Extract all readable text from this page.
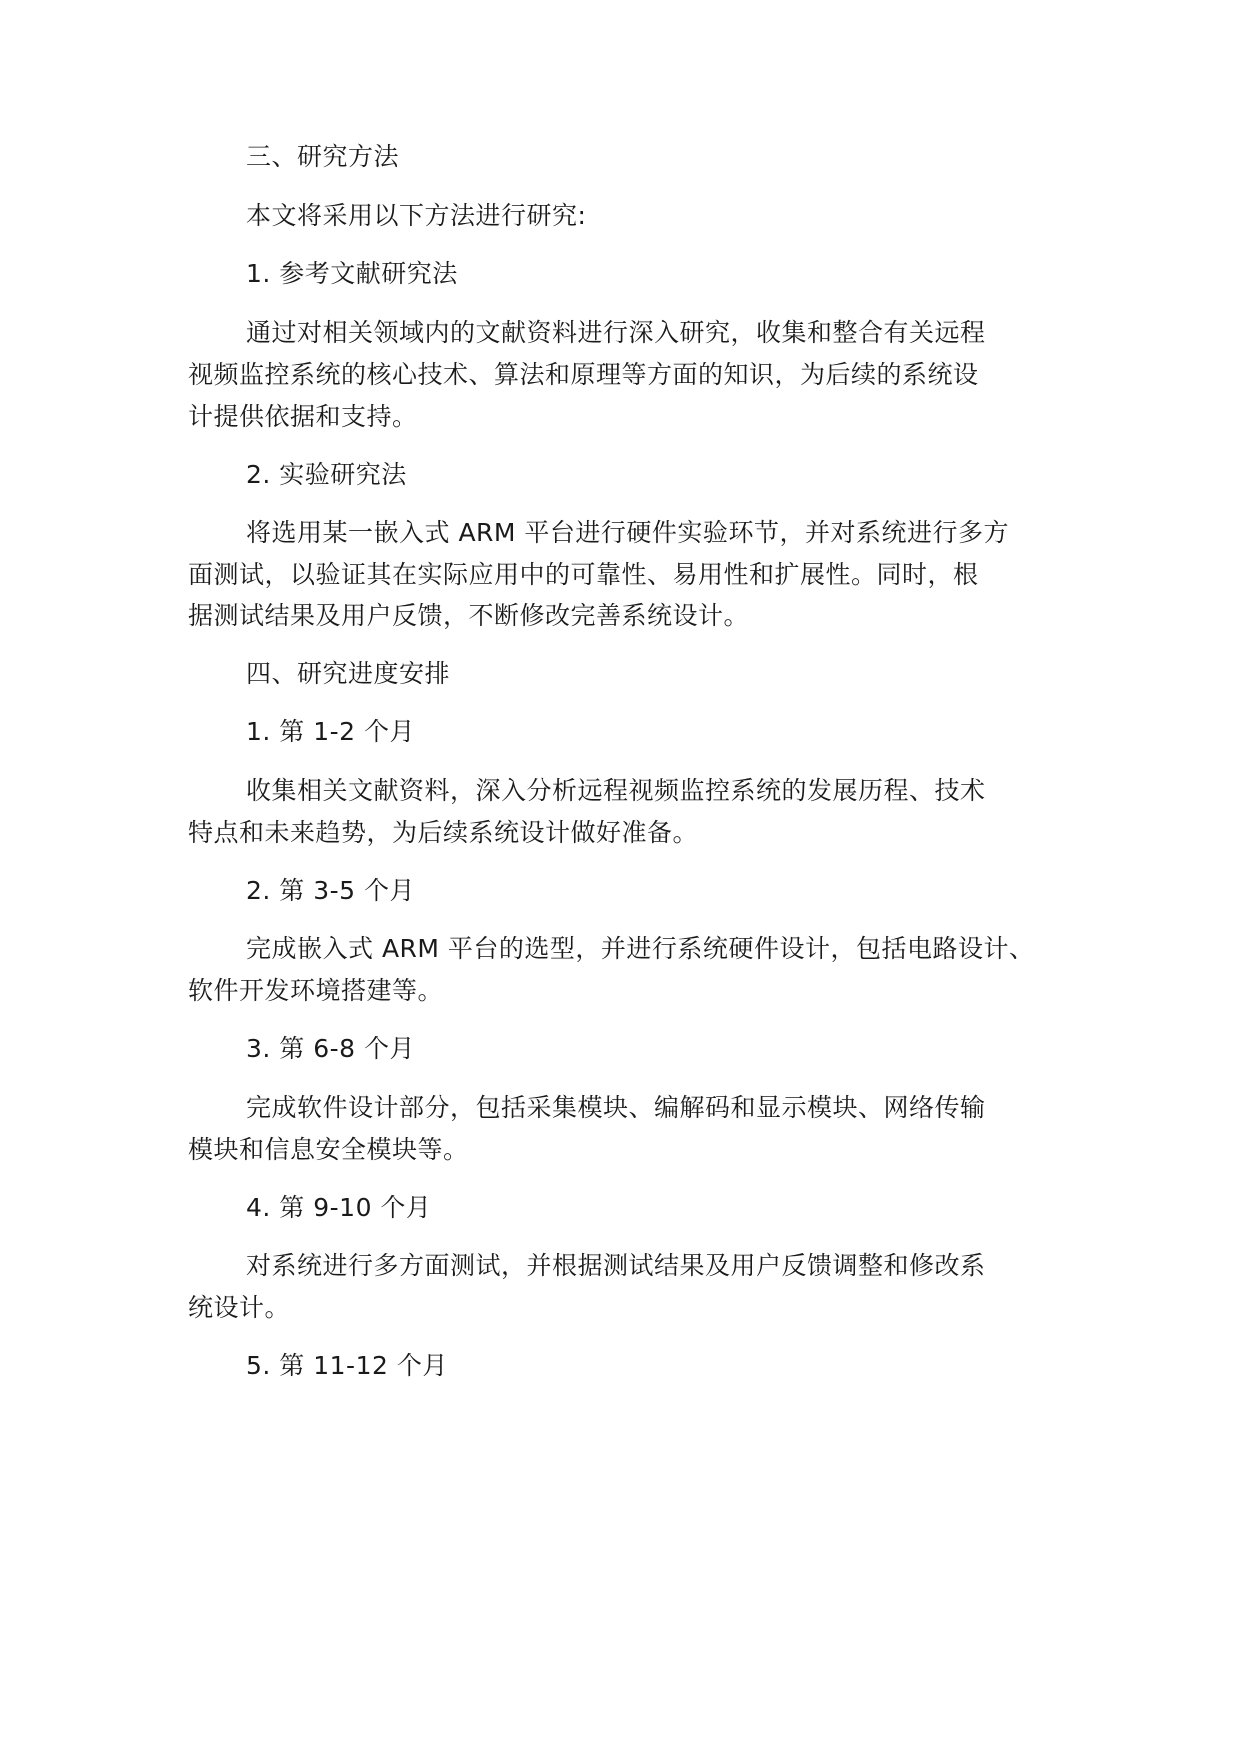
三、研究方法
本文将采用以下方法进行研究:
1. 参考文献研究法
通过对相关领域内的文献资料进行深入研究，收集和整合有关远程
视频监控系统的核心技术、算法和原理等方面的知识，为后续的系统设
计提供依据和支持。
2. 实验研究法
将选用某一嵌入式 ARM 平台进行硬件实验环节，并对系统进行多方
面测试，以验证其在实际应用中的可靠性、易用性和扩展性。同时，根
据测试结果及用户反馈，不断修改完善系统设计。
四、研究进度安排
1. 第 1-2 个月
收集相关文献资料，深入分析远程视频监控系统的发展历程、技术
特点和未来趋势，为后续系统设计做好准备。
2. 第 3-5 个月
完成嵌入式 ARM 平台的选型，并进行系统硬件设计，包括电路设计、
软件开发环境搭建等。
3. 第 6-8 个月
完成软件设计部分，包括采集模块、编解码和显示模块、网络传输
模块和信息安全模块等。
4. 第 9-10 个月
对系统进行多方面测试，并根据测试结果及用户反馈调整和修改系
统设计。
5. 第 11-12 个月
